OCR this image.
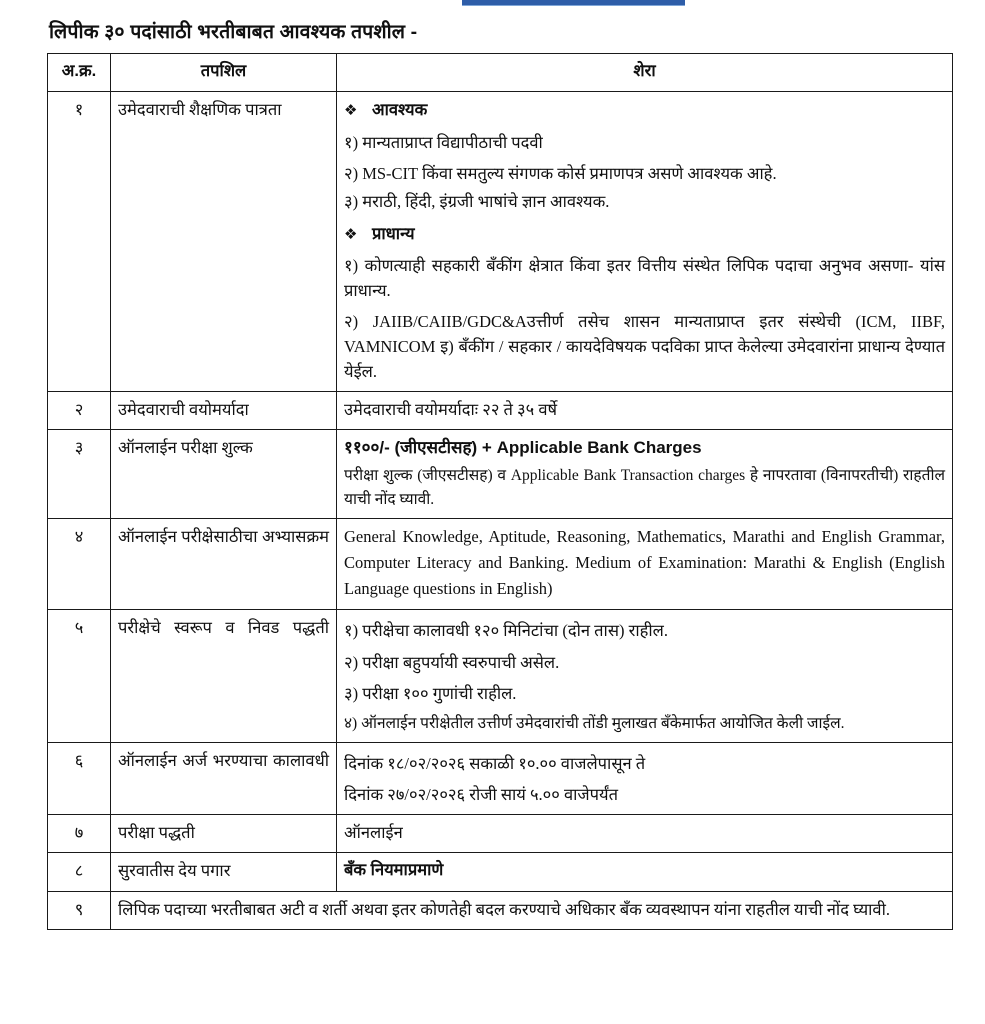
लिपीक ३० पदांसाठी भरतीबाबत आवश्यक तपशील -
अ.क्र.	तपशिल	शेरा
१	उमेदवाराची शैक्षणिक पात्रता	❖ आवश्यक
१) मान्यताप्राप्त विद्यापीठाची पदवी
२) MS-CIT किंवा समतुल्य संगणक कोर्स प्रमाणपत्र असणे आवश्यक आहे.
३) मराठी, हिंदी, इंग्रजी भाषांचे ज्ञान आवश्यक.
❖ प्राधान्य
१) कोणत्याही सहकारी बँकींग क्षेत्रात किंवा इतर वित्तीय संस्थेत लिपिक पदाचा अनुभव असणा- यांस प्राधान्य.
२) JAIIB/CAIIB/GDC&Aउत्तीर्ण तसेच शासन मान्यताप्राप्त इतर संस्थेची (ICM, IIBF, VAMNICOM इ) बँकींग / सहकार / कायदेविषयक पदविका प्राप्त केलेल्या उमेदवारांना प्राधान्य देण्यात येईल.

२	उमेदवाराची वयोमर्यादा	उमेदवाराची वयोमर्यादाः २२ ते ३५ वर्षे
३	ऑनलाईन परीक्षा शुल्क	११००/- (जीएसटीसह) + Applicable Bank Charges
परीक्षा शुल्क (जीएसटीसह) व Applicable Bank Transaction charges हे नापरतावा (विनापरतीची) राहतील याची नोंद घ्यावी.

४	ऑनलाईन परीक्षेसाठीचा अभ्यासक्रम	General Knowledge, Aptitude, Reasoning, Mathematics, Marathi and English Grammar, Computer Literacy and Banking. Medium of Examination: Marathi & English (English Language questions in English)

५	परीक्षेचे स्वरूप व निवड पद्धती	१) परीक्षेचा कालावधी १२० मिनिटांचा (दोन तास) राहील.
२) परीक्षा बहुपर्यायी स्वरुपाची असेल.
३) परीक्षा १०० गुणांची राहील.
४) ऑनलाईन परीक्षेतील उत्तीर्ण उमेदवारांची तोंडी मुलाखत बँकेमार्फत आयोजित केली जाईल.

६	ऑनलाईन अर्ज भरण्याचा कालावधी	दिनांक १८/०२/२०२६ सकाळी १०.०० वाजलेपासून ते
दिनांक २७/०२/२०२६ रोजी सायं ५.०० वाजेपर्यंत

७	परीक्षा पद्धती	ऑनलाईन
८	सुरवातीस देय पगार	बँक नियमाप्रमाणे
९	लिपिक पदाच्या भरतीबाबत अटी व शर्ती अथवा इतर कोणतेही बदल करण्याचे अधिकार बँक व्यवस्थापन यांना राहतील याची नोंद घ्यावी.	
